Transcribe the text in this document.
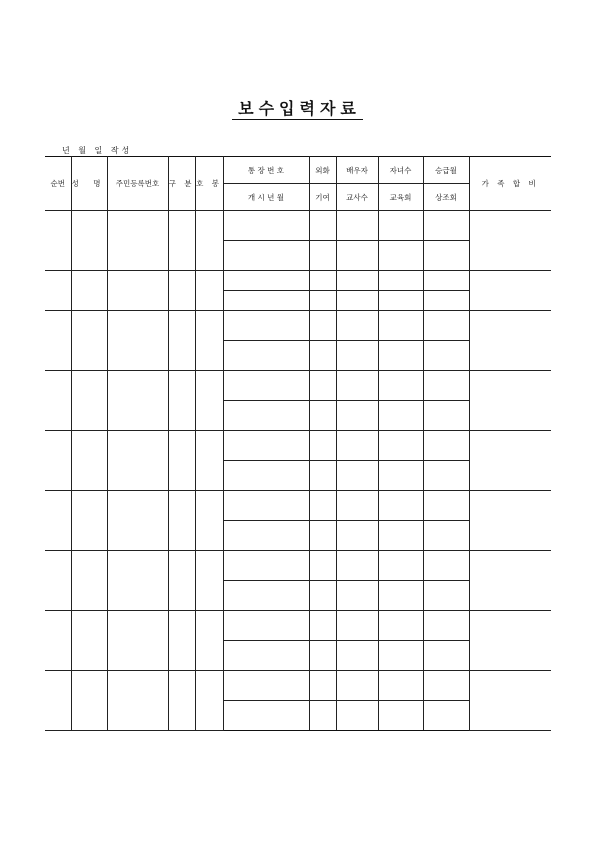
보수입력자료
년 월 일 작성
순번	성 명	주민등록번호	구 분	호 봉	통 장 번 호	외화	배우자	자녀수	승급월	가 족 합 비
					개 시 년 월	기여	교사수	교육회	상조회	
